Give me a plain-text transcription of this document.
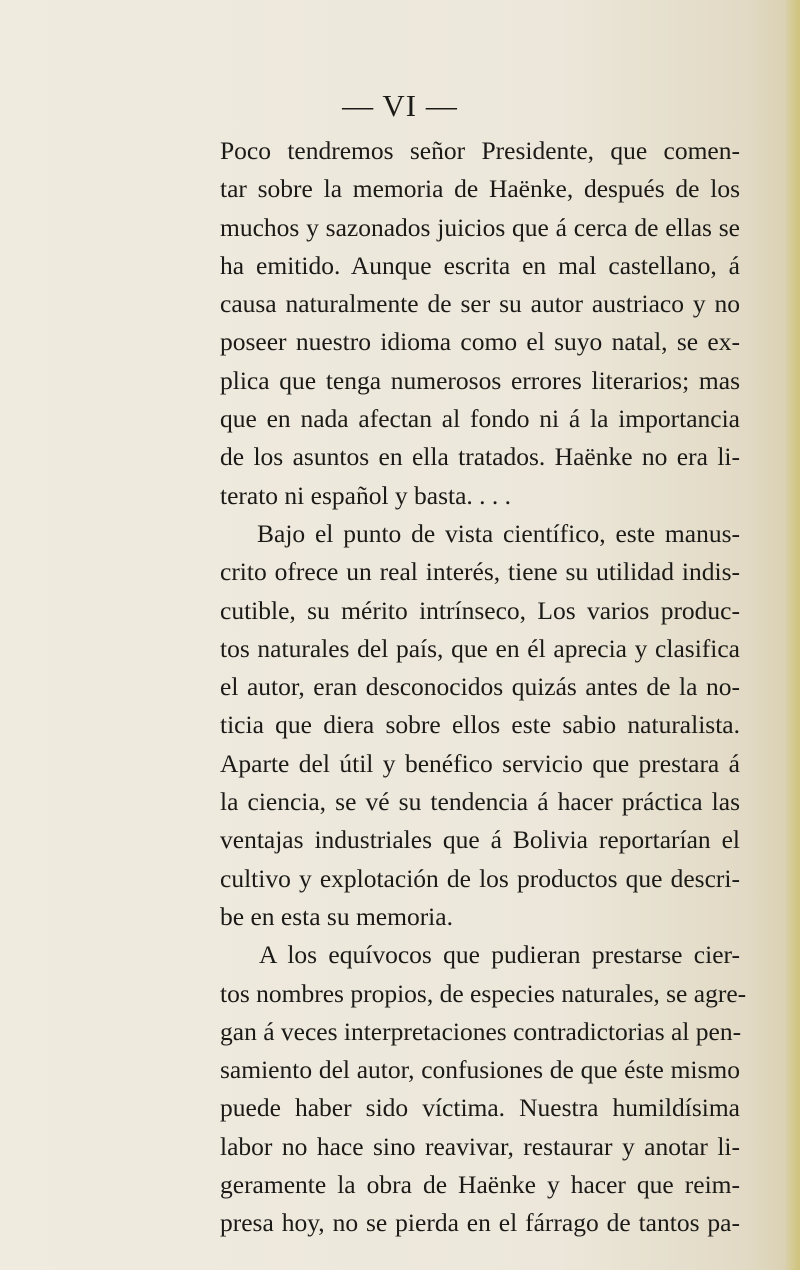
— VI —
Poco tendremos señor Presidente, que comen-
tar sobre la memoria de Haënke, después de los
muchos y sazonados juicios que á cerca de ellas se
ha emitido. Aunque escrita en mal castellano, á
causa naturalmente de ser su autor austriaco y no
poseer nuestro idioma como el suyo natal, se ex-
plica que tenga numerosos errores literarios; mas
que en nada afectan al fondo ni á la importancia
de los asuntos en ella tratados. Haënke no era li-
terato ni español y basta. . . .
Bajo el punto de vista científico, este manus-
crito ofrece un real interés, tiene su utilidad indis-
cutible, su mérito intrínseco, Los varios produc-
tos naturales del país, que en él aprecia y clasifica
el autor, eran desconocidos quizás antes de la no-
ticia que diera sobre ellos este sabio naturalista.
Aparte del útil y benéfico servicio que prestara á
la ciencia, se vé su tendencia á hacer práctica las
ventajas industriales que á Bolivia reportarían el
cultivo y explotación de los productos que descri-
be en esta su memoria.
A los equívocos que pudieran prestarse cier-
tos nombres propios, de especies naturales, se agre-
gan á veces interpretaciones contradictorias al pen-
samiento del autor, confusiones de que éste mismo
puede haber sido víctima. Nuestra humildísima
labor no hace sino reavivar, restaurar y anotar li-
geramente la obra de Haënke y hacer que reim-
presa hoy, no se pierda en el fárrago de tantos pa-
